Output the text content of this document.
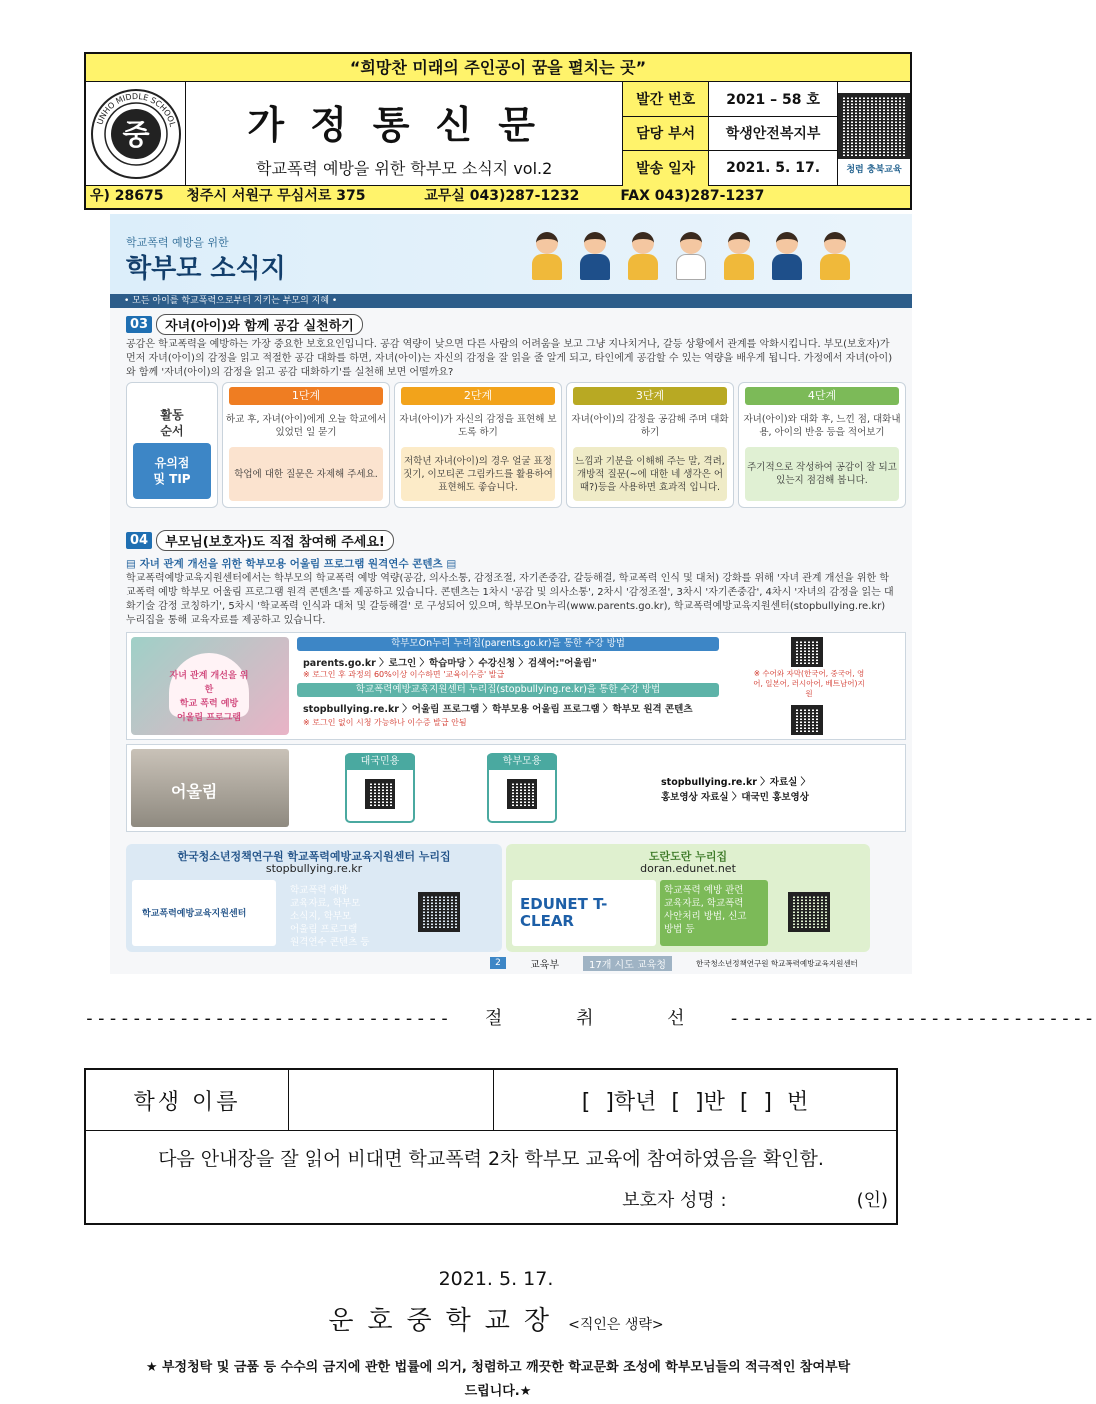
“희망찬 미래의 주인공이 꿈을 펼치는 곳”
중
UNHO MIDDLE SCHOOL	가정통신문
학교폭력 예방을 위한 학부모 소식지 vol.2
발간 번호	2021 – 58 호
담당 부서	학생안전복지부
발송 일자	2021. 5. 17.	청렴 충북교육
우) 28675 청주시 서원구 무심서로 375	교무실 043)287-1232	FAX 043)287-1237
학교폭력 예방을 위한
학부모 소식지
• 모든 아이를 학교폭력으로부터 지키는 부모의 지혜 •
03	자녀(아이)와 함께 공감 실천하기
공감은 학교폭력을 예방하는 가장 중요한 보호요인입니다. 공감 역량이 낮으면 다른 사람의 어려움을 보고 그냥 지나치거나, 갈등 상황에서 관계를 악화시킵니다. 부모(보호자)가 먼저 자녀(아이)의 감정을 읽고 적절한 공감 대화를 하면, 자녀(아이)는 자신의 감정을 잘 읽을 줄 알게 되고, 타인에게 공감할 수 있는 역량을 배우게 됩니다. 가정에서 자녀(아이)와 함께 '자녀(아이)의 감정을 읽고 공감 대화하기'를 실천해 보면 어떨까요?
활동
순서
유의점
및 TIP
1단계
하교 후, 자녀(아이)에게 오늘 학교에서 있었던 일 묻기
학업에 대한 질문은 자제해 주세요.
2단계
자녀(아이)가 자신의 감정을 표현해 보도록 하기
저학년 자녀(아이)의 경우 얼굴 표정 짓기, 이모티콘 그림카드를 활용하여 표현해도 좋습니다.
3단계
자녀(아이)의 감정을 공감해 주며 대화하기
느낌과 기분을 이해해 주는 말, 격려, 개방적 질문(~에 대한 네 생각은 어때?)등을 사용하면 효과적 입니다.
4단계
자녀(아이)와 대화 후, 느낀 점, 대화내용, 아이의 반응 등을 적어보기
주기적으로 작성하여 공감이 잘 되고 있는지 점검해 봅니다.
04	부모님(보호자)도 직접 참여해 주세요!
▤ 자녀 관계 개선을 위한 학부모용 어울림 프로그램 원격연수 콘텐츠 ▤
학교폭력예방교육지원센터에서는 학부모의 학교폭력 예방 역량(공감, 의사소통, 감정조절, 자기존중감, 갈등해결, 학교폭력 인식 및 대처) 강화를 위해 '자녀 관계 개선을 위한 학교폭력 예방 학부모 어울림 프로그램 원격 콘텐츠'를 제공하고 있습니다. 콘텐츠는 1차시 '공감 및 의사소통', 2차시 '감정조절', 3차시 '자기존중감', 4차시 '자녀의 감정을 읽는 대화기술 감정 코칭하기', 5차시 '학교폭력 인식과 대처 및 갈등해결' 로 구성되어 있으며, 학부모On누리(www.parents.go.kr), 학교폭력예방교육지원센터(stopbullying.re.kr) 누리집을 통해 교육자료를 제공하고 있습니다.
자녀 관계 개선을 위한
학교 폭력 예방
어울림 프로그램
학부모On누리 누리집(parents.go.kr)을 통한 수강 방법
parents.go.kr 〉로그인 〉학습마당 〉수강신청 〉검색어:"어울림"
※ 로그인 후 과정의 60%이상 이수하면 '교육이수증' 발급
학교폭력예방교육지원센터 누리집(stopbullying.re.kr)을 통한 수강 방법
stopbullying.re.kr 〉어울림 프로그램 〉학부모용 어울림 프로그램 〉학부모 원격 콘텐츠
※ 로그인 없이 시청 가능하나 이수증 발급 안됨
※ 수어와 자막(한국어, 중국어, 영어, 일본어, 러시아어, 베트남어)지원
어울림
대국민용	학부모용
stopbullying.re.kr 〉자료실 〉
홍보영상 자료실 〉대국민 홍보영상
한국청소년정책연구원 학교폭력예방교육지원센터 누리집
stopbullying.re.kr
학교폭력예방교육지원센터
학교폭력 예방
교육자료, 학부모
소식지, 학부모
어울림 프로그램
원격연수 콘텐츠 등
도란도란 누리집
doran.edunet.net
EDUNET T-CLEAR
학교폭력 예방 관련
교육자료, 학교폭력
사안처리 방법, 신고
방법 등
2	교육부	17개 시도 교육청	한국청소년정책연구원 학교폭력예방교육지원센터
------------------------------- 절 취 선 -------------------------------
학생 이름	[ ]학년 [ ]반 [ ] 번
다음 안내장을 잘 읽어 비대면 학교폭력 2차 학부모 교육에 참여하였음을 확인함.
보호자 성명 :	(인)
2021. 5. 17.
운호중학교장 <직인은 생략>
★ 부정청탁 및 금품 등 수수의 금지에 관한 법률에 의거, 청렴하고 깨끗한 학교문화 조성에 학부모님들의 적극적인 참여부탁드립니다.★
